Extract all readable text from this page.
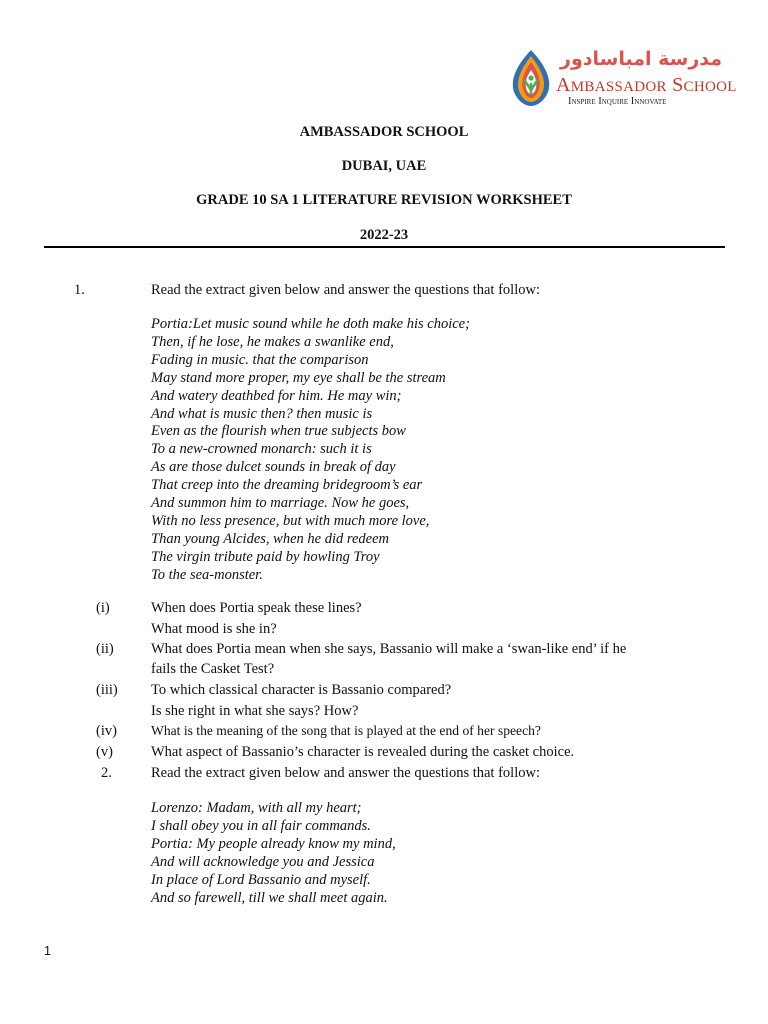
مدرسة امباسادور
AMBASSADOR SCHOOL
Inspire Inquire Innovate
AMBASSADOR SCHOOL
DUBAI, UAE
GRADE 10 SA 1 LITERATURE REVISION WORKSHEET
2022-23
1.	Read the extract given below and answer the questions that follow:
Portia:Let music sound while he doth make his choice;
Then, if he lose, he makes a swanlike end,
Fading in music. that the comparison
May stand more proper, my eye shall be the stream
And watery deathbed for him. He may win;
And what is music then? then music is
Even as the flourish when true subjects bow
To a new-crowned monarch: such it is
As are those dulcet sounds in break of day
That creep into the dreaming bridegroom’s ear
And summon him to marriage. Now he goes,
With no less presence, but with much more love,
Than young Alcides, when he did redeem
The virgin tribute paid by howling Troy
To the sea-monster.
(i)	When does Portia speak these lines?
What mood is she in?
(ii)	What does Portia mean when she says, Bassanio will make a ‘swan-like end’ if he
fails the Casket Test?
(iii) To which classical character is Bassanio compared?
Is she right in what she says? How?
(iv)	What is the meaning of the song that is played at the end of her speech?
(v)	What aspect of Bassanio’s character is revealed during the casket choice.
2.	Read the extract given below and answer the questions that follow:
Lorenzo: Madam, with all my heart;
I shall obey you in all fair commands.
Portia: My people already know my mind,
And will acknowledge you and Jessica
In place of Lord Bassanio and myself.
And so farewell, till we shall meet again.
1
